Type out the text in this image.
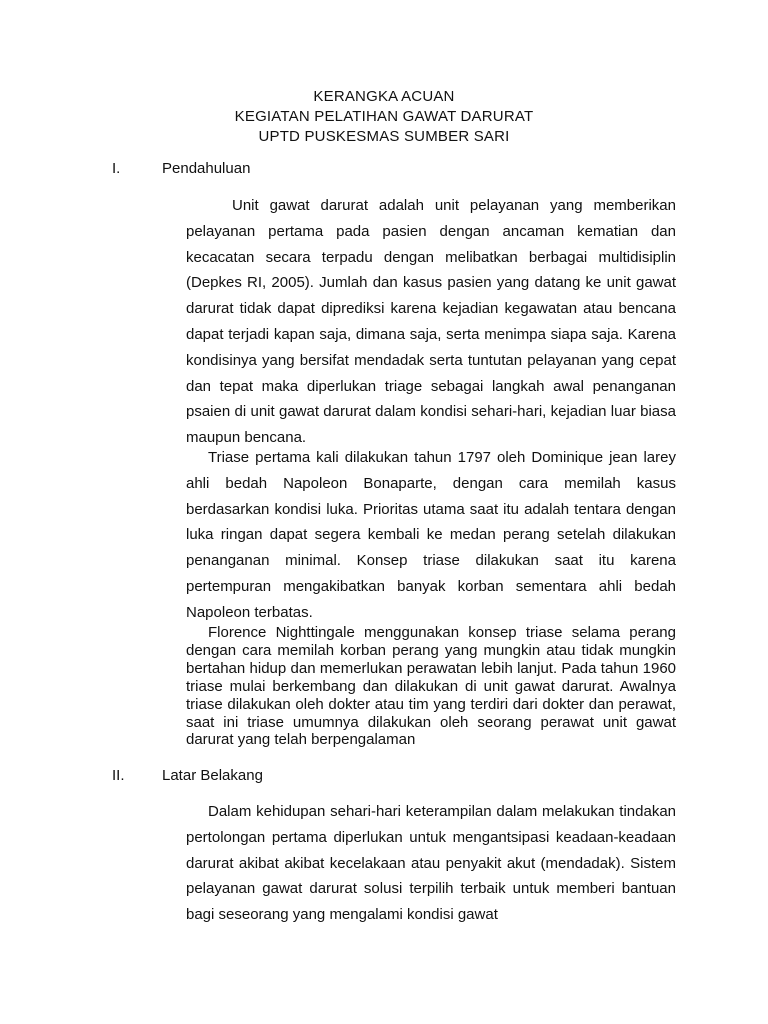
KERANGKA ACUAN
KEGIATAN PELATIHAN GAWAT DARURAT
UPTD PUSKESMAS SUMBER SARI
I.	Pendahuluan

Unit gawat darurat adalah unit pelayanan yang memberikan pelayanan pertama pada pasien dengan ancaman kematian dan kecacatan secara terpadu dengan melibatkan berbagai multidisiplin (Depkes RI, 2005). Jumlah dan kasus pasien yang datang ke unit gawat darurat tidak dapat diprediksi karena kejadian kegawatan atau bencana dapat terjadi kapan saja, dimana saja, serta menimpa siapa saja. Karena kondisinya yang bersifat mendadak serta tuntutan pelayanan yang cepat dan tepat maka diperlukan triage sebagai langkah awal penanganan psaien di unit gawat darurat dalam kondisi sehari-hari, kejadian luar biasa maupun bencana.

Triase pertama kali dilakukan tahun 1797 oleh Dominique jean larey ahli bedah Napoleon Bonaparte, dengan cara memilah kasus berdasarkan kondisi luka. Prioritas utama saat itu adalah tentara dengan luka ringan dapat segera kembali ke medan perang setelah dilakukan penanganan minimal. Konsep triase dilakukan saat itu karena pertempuran mengakibatkan banyak korban sementara ahli bedah Napoleon terbatas.

Florence Nighttingale menggunakan konsep triase selama perang dengan cara memilah korban perang yang mungkin atau tidak mungkin bertahan hidup dan memerlukan perawatan lebih lanjut. Pada tahun 1960 triase mulai berkembang dan dilakukan di unit gawat darurat. Awalnya triase dilakukan oleh dokter atau tim yang terdiri dari dokter dan perawat, saat ini triase umumnya dilakukan oleh seorang perawat unit gawat darurat yang telah berpengalaman

II. Latar Belakang

Dalam kehidupan sehari-hari keterampilan dalam melakukan tindakan pertolongan pertama diperlukan untuk mengantsipasi keadaan-keadaan darurat akibat akibat kecelakaan atau penyakit akut (mendadak). Sistem pelayanan gawat darurat solusi terpilih terbaik untuk memberi bantuan bagi seseorang yang mengalami kondisi gawat
